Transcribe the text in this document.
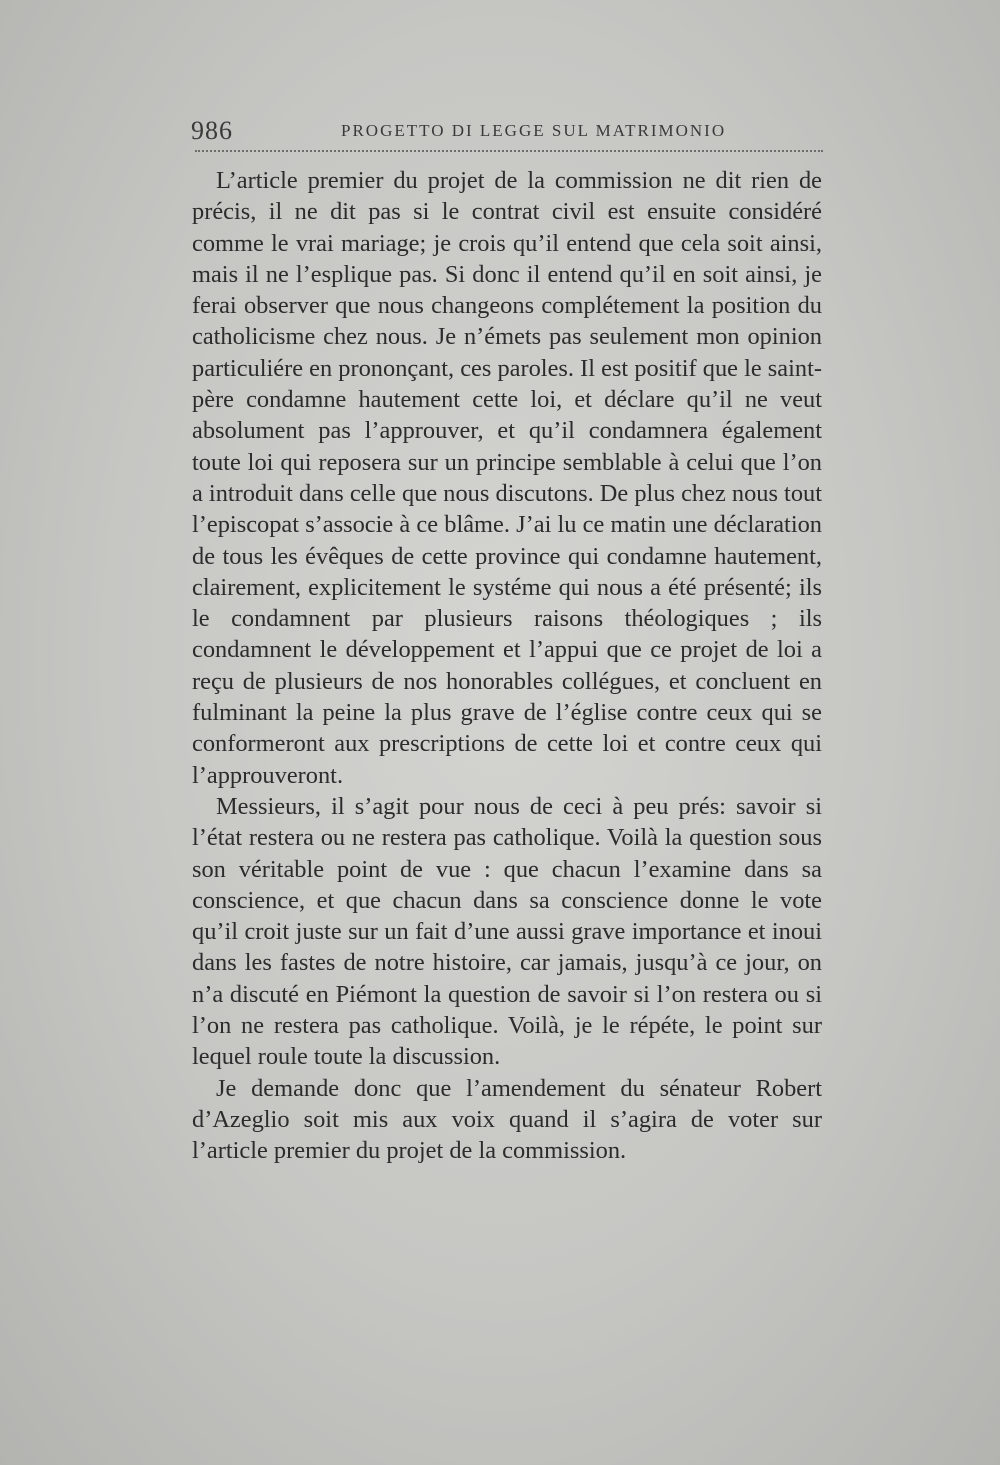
986	PROGETTO DI LEGGE SUL MATRIMONIO

L’article premier du projet de la commission ne dit rien de précis, il ne dit pas si le contrat civil est ensuite considéré comme le vrai mariage; je crois qu’il entend que cela soit ainsi, mais il ne l’esplique pas. Si donc il entend qu’il en soit ainsi, je ferai observer que nous changeons complétement la position du catholicisme chez nous. Je n’émets pas seulement mon opinion particuliére en prononçant, ces paroles. Il est positif que le saint-père condamne hautement cette loi, et déclare qu’il ne veut absolument pas l’approuver, et qu’il condamnera également toute loi qui reposera sur un principe semblable à celui que l’on a introduit dans celle que nous discutons. De plus chez nous tout l’episcopat s’associe à ce blâme. J’ai lu ce matin une déclaration de tous les évêques de cette province qui condamne hautement, clairement, explicitement le systéme qui nous a été présenté; ils le condamnent par plusieurs raisons théologiques ; ils condamnent le développement et l’appui que ce projet de loi a reçu de plusieurs de nos honorables collégues, et concluent en fulminant la peine la plus grave de l’église contre ceux qui se conformeront aux prescriptions de cette loi et contre ceux qui l’approuveront.

Messieurs, il s’agit pour nous de ceci à peu prés: savoir si l’état restera ou ne restera pas catholique. Voilà la question sous son véritable point de vue : que chacun l’examine dans sa conscience, et que chacun dans sa conscience donne le vote qu’il croit juste sur un fait d’une aussi grave importance et inoui dans les fastes de notre histoire, car jamais, jusqu’à ce jour, on n’a discuté en Piémont la question de savoir si l’on restera ou si l’on ne restera pas catholique. Voilà, je le répéte, le point sur lequel roule toute la discussion.

Je demande donc que l’amendement du sénateur Robert d’Azeglio soit mis aux voix quand il s’agira de voter sur l’article premier du projet de la commission.
